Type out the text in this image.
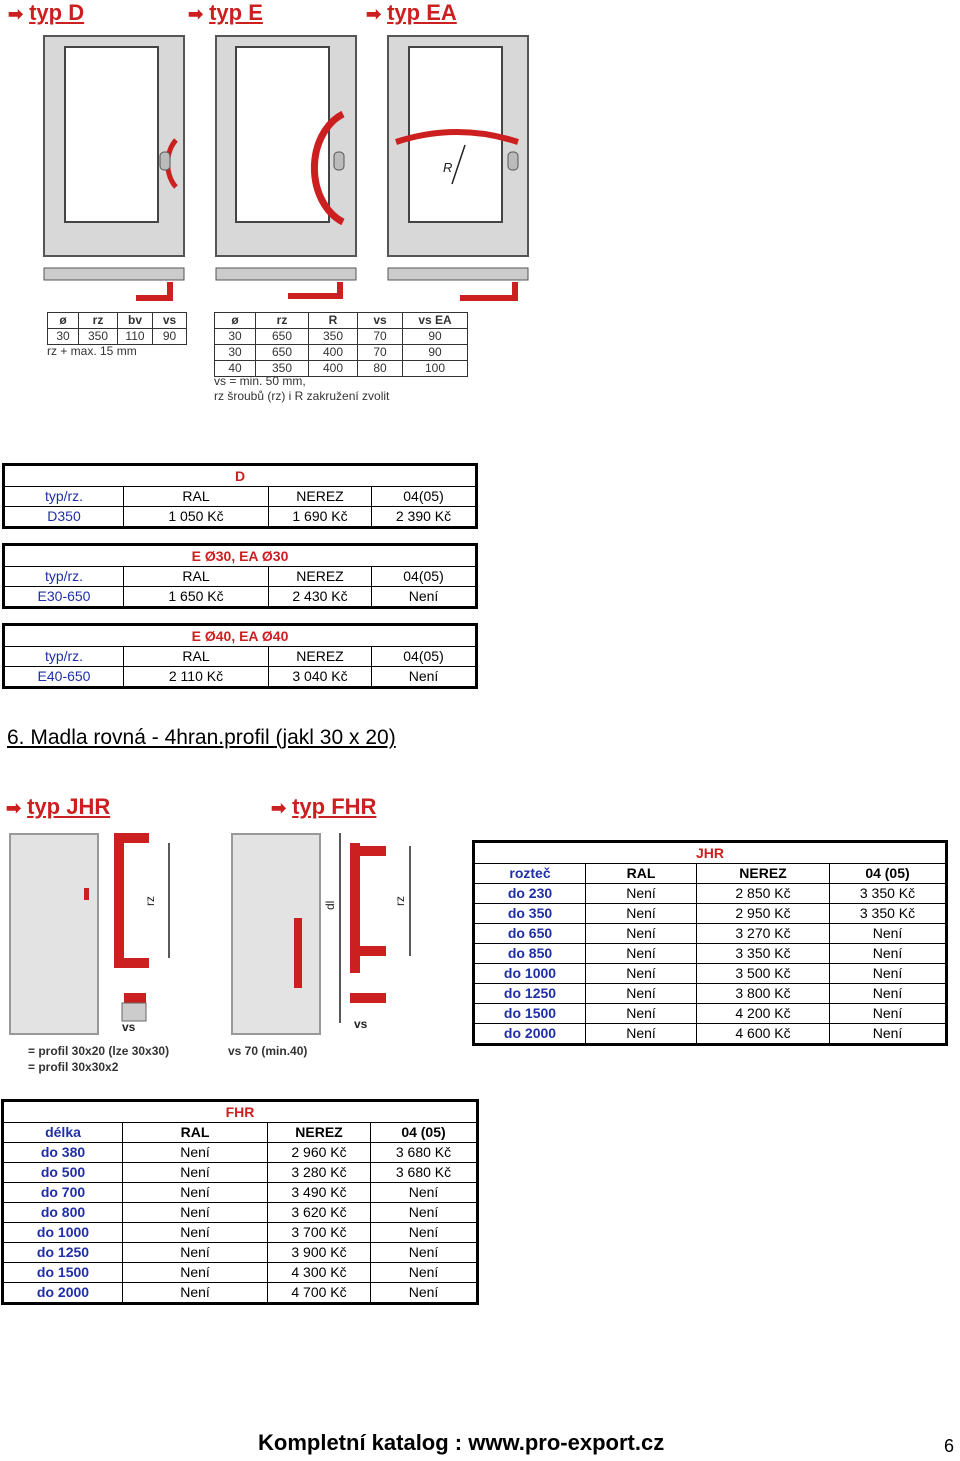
➡ typ D	➡ typ E	➡ typ EA
R
ø	rz	bv	vs
30	350	110	90
rz + max. 15 mm
ø	rz	R	vs	vs EA
30	650	350	70	90
30	650	400	70	90
40	350	400	80	100
vs = min. 50 mm,
rz šroubů (rz) i R zakružení zvolit
D
typ/rz.	RAL	NEREZ	04(05)
D350	1 050 Kč	1 690 Kč	2 390 Kč
E Ø30, EA Ø30
typ/rz.	RAL	NEREZ	04(05)
E30-650	1 650 Kč	2 430 Kč	Není
E Ø40, EA Ø40
typ/rz.	RAL	NEREZ	04(05)
E40-650	2 110 Kč	3 040 Kč	Není
6. Madla rovná - 4hran.profil (jakl 30 x 20)
➡ typ JHR	➡ typ FHR
rz
vs
dl	rz
vs
= profil 30x20 (lze 30x30)
= profil 30x30x2
vs 70 (min.40)
JHR
rozteč	RAL	NEREZ	04 (05)
do 230	Není	2 850 Kč	3 350 Kč
do 350	Není	2 950 Kč	3 350 Kč
do 650	Není	3 270 Kč	Není
do 850	Není	3 350 Kč	Není
do 1000	Není	3 500 Kč	Není
do 1250	Není	3 800 Kč	Není
do 1500	Není	4 200 Kč	Není
do 2000	Není	4 600 Kč	Není
FHR
délka	RAL	NEREZ	04 (05)
do 380	Není	2 960 Kč	3 680 Kč
do 500	Není	3 280 Kč	3 680 Kč
do 700	Není	3 490 Kč	Není
do 800	Není	3 620 Kč	Není
do 1000	Není	3 700 Kč	Není
do 1250	Není	3 900 Kč	Není
do 1500	Není	4 300 Kč	Není
do 2000	Není	4 700 Kč	Není
Kompletní katalog : www.pro-export.cz	6
